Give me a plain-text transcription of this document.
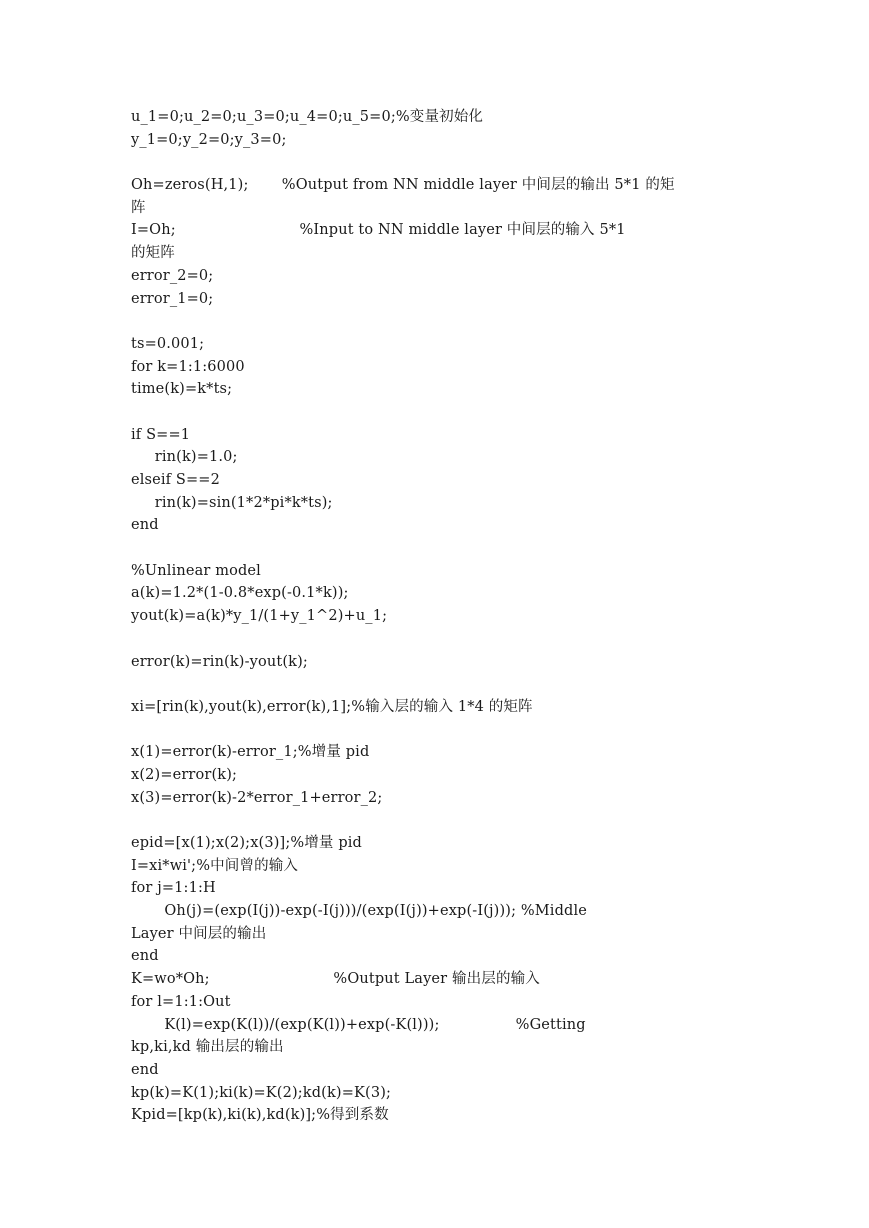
u_1=0;u_2=0;u_3=0;u_4=0;u_5=0;%变量初始化
y_1=0;y_2=0;y_3=0;
Oh=zeros(H,1);       %Output from NN middle layer 中间层的输出 5*1 的矩
阵
I=Oh;                          %Input to NN middle layer 中间层的输入 5*1
的矩阵
error_2=0;
error_1=0;
ts=0.001;
for k=1:1:6000
time(k)=k*ts;
if S==1
rin(k)=1.0;
elseif S==2
rin(k)=sin(1*2*pi*k*ts);
end
%Unlinear model
a(k)=1.2*(1-0.8*exp(-0.1*k));
yout(k)=a(k)*y_1/(1+y_1^2)+u_1;
error(k)=rin(k)-yout(k);
xi=[rin(k),yout(k),error(k),1];%输入层的输入 1*4 的矩阵
x(1)=error(k)-error_1;%增量 pid
x(2)=error(k);
x(3)=error(k)-2*error_1+error_2;
epid=[x(1);x(2);x(3)];%增量 pid
I=xi*wi';%中间曾的输入
for j=1:1:H
Oh(j)=(exp(I(j))-exp(-I(j)))/(exp(I(j))+exp(-I(j))); %Middle
Layer 中间层的输出
end
K=wo*Oh;                          %Output Layer 输出层的输入
for l=1:1:Out
K(l)=exp(K(l))/(exp(K(l))+exp(-K(l)));                %Getting
kp,ki,kd 输出层的输出
end
kp(k)=K(1);ki(k)=K(2);kd(k)=K(3);
Kpid=[kp(k),ki(k),kd(k)];%得到系数
